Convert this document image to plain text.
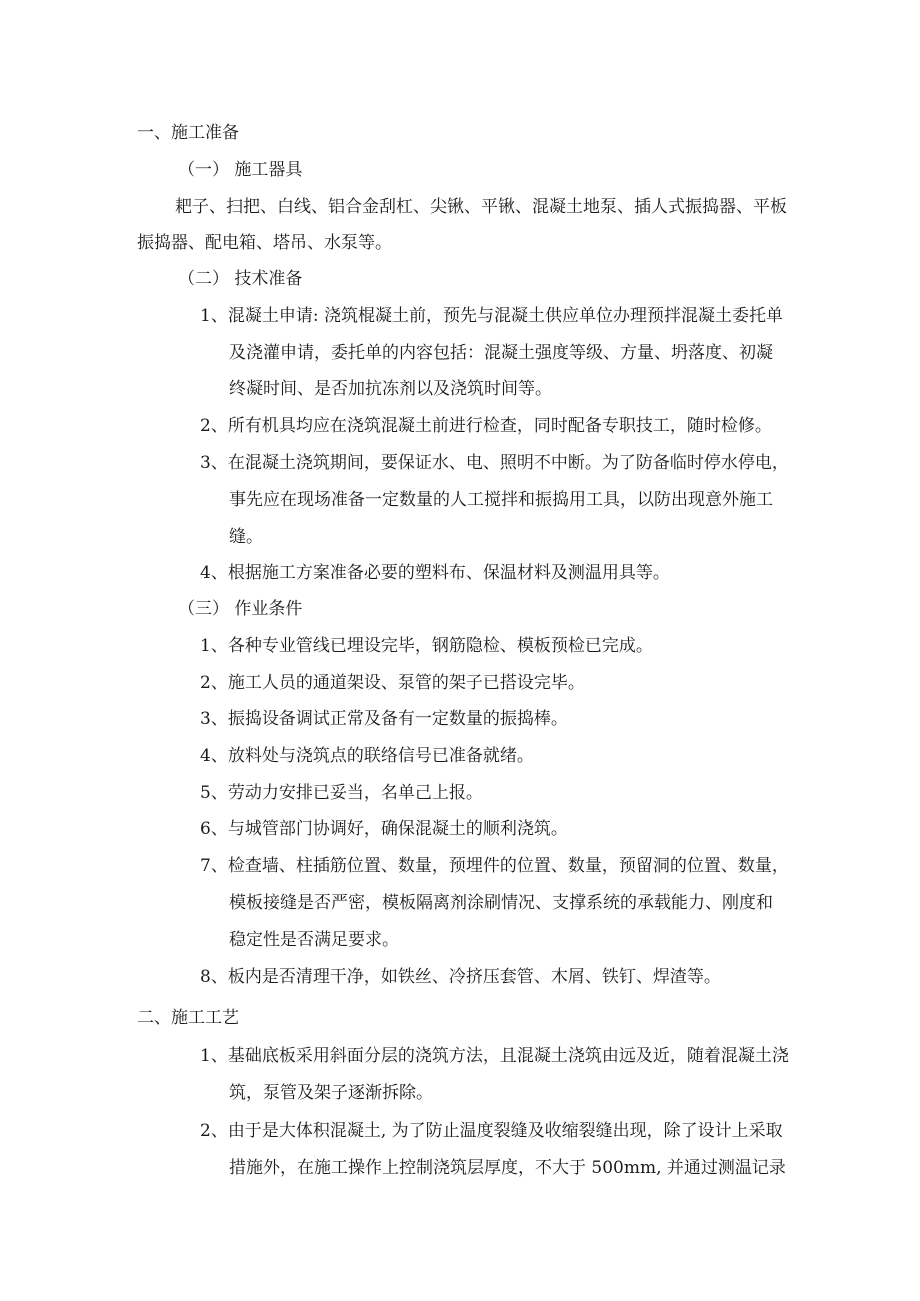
一、施工准备
（一） 施工器具
耙子、扫把、白线、铝合金刮杠、尖锹、平锹、混凝土地泵、插人式振捣器、平板
振捣器、配电箱、塔吊、水泵等。
（二） 技术准备
1、混凝土申请: 浇筑棍凝土前，预先与混凝土供应单位办理预拌混凝土委托单
及浇灌申请，委托单的内容包括：混凝土强度等级、方量、坍落度、初凝
终凝时间、是否加抗冻剂以及浇筑时间等。
2、所有机具均应在浇筑混凝土前进行检查，同时配备专职技工，随时检修。
3、在混凝土浇筑期间，要保证水、电、照明不中断。为了防备临时停水停电，
事先应在现场准备一定数量的人工搅拌和振捣用工具，以防出现意外施工
缝。
4、根据施工方案准备必要的塑料布、保温材料及测温用具等。
（三） 作业条件
1、各种专业管线已埋设完毕，钢筋隐检、模板预检已完成。
2、施工人员的通道架设、泵管的架子已搭设完毕。
3、振捣设备调试正常及备有一定数量的振捣棒。
4、放料处与浇筑点的联络信号已准备就绪。
5、劳动力安排已妥当，名单己上报。
6、与城管部门协调好，确保混凝土的顺利浇筑。
7、检查墙、柱插筋位置、数量，预埋件的位置、数量，预留洞的位置、数量，
模板接缝是否严密，模板隔离剂涂刷情况、支撑系统的承载能力、刚度和
稳定性是否满足要求。
8、板内是否清理干净，如铁丝、冷挤压套管、木屑、铁钉、焊渣等。
二、施工工艺
1、基础底板采用斜面分层的浇筑方法，且混凝土浇筑由远及近，随着混凝土浇
筑，泵管及架子逐渐拆除。
2、由于是大体积混凝土, 为了防止温度裂缝及收缩裂缝出现，除了设计上采取
措施外，在施工操作上控制浇筑层厚度，不大于 500mm, 并通过测温记录
